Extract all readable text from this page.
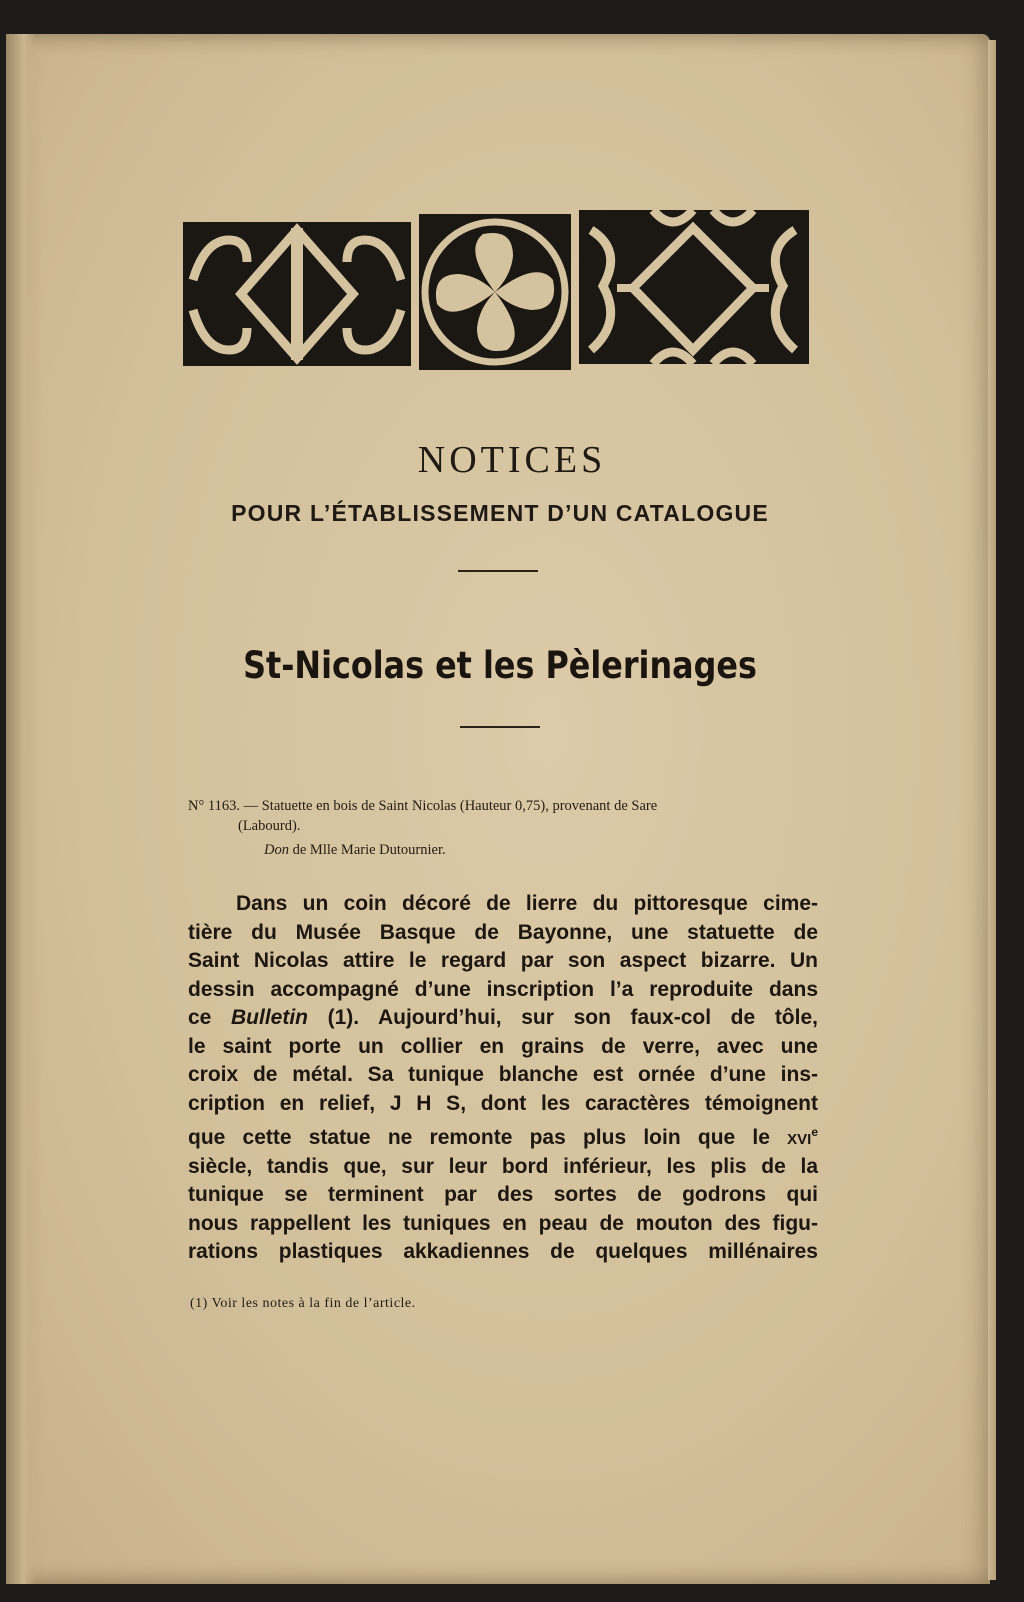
NOTICES
POUR L’ÉTABLISSEMENT D’UN CATALOGUE
St-Nicolas et les Pèlerinages
N° 1163. — Statuette en bois de Saint Nicolas (Hauteur 0,75), provenant de Sare
(Labourd).
Don de Mlle Marie Dutournier.
Dans un coin décoré de lierre du pittoresque cime-
tière du Musée Basque de Bayonne, une statuette de
Saint Nicolas attire le regard par son aspect bizarre. Un
dessin accompagné d’une inscription l’a reproduite dans
ce Bulletin (1). Aujourd’hui, sur son faux-col de tôle,
le saint porte un collier en grains de verre, avec une
croix de métal. Sa tunique blanche est ornée d’une ins-
cription en relief, J H S, dont les caractères témoignent
que cette statue ne remonte pas plus loin que le xvi$^e$
siècle, tandis que, sur leur bord inférieur, les plis de la
tunique se terminent par des sortes de godrons qui
nous rappellent les tuniques en peau de mouton des figu-
rations plastiques akkadiennes de quelques millénaires
(1) Voir les notes à la fin de l’article.
